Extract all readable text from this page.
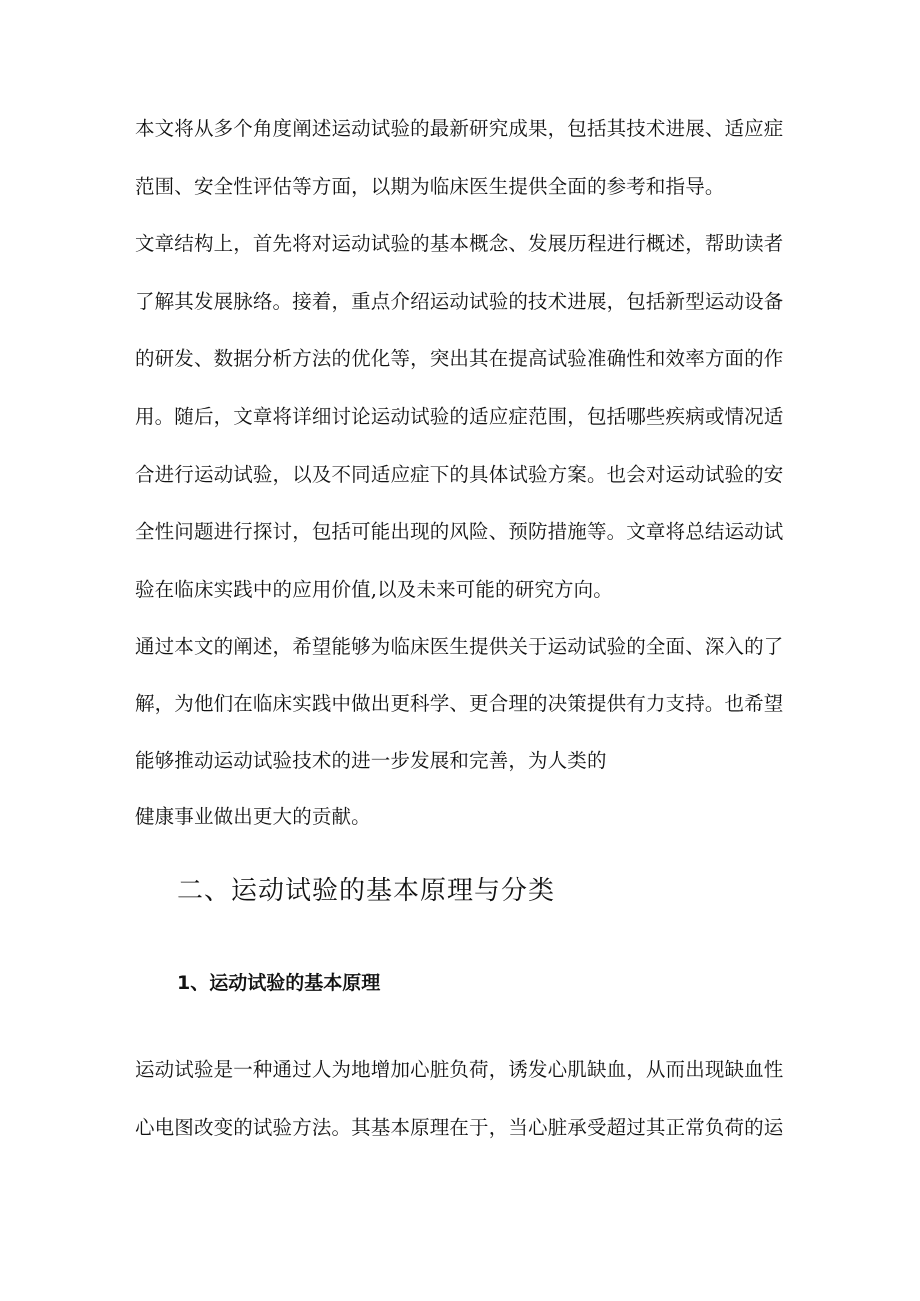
本文将从多个角度阐述运动试验的最新研究成果，包括其技术进展、适应症
范围、安全性评估等方面，以期为临床医生提供全面的参考和指导。
文章结构上，首先将对运动试验的基本概念、发展历程进行概述，帮助读者
了解其发展脉络。接着，重点介绍运动试验的技术进展，包括新型运动设备
的研发、数据分析方法的优化等，突出其在提高试验准确性和效率方面的作
用。随后，文章将详细讨论运动试验的适应症范围，包括哪些疾病或情况适
合进行运动试验，以及不同适应症下的具体试验方案。也会对运动试验的安
全性问题进行探讨，包括可能出现的风险、预防措施等。文章将总结运动试
验在临床实践中的应用价值,以及未来可能的研究方向。
通过本文的阐述，希望能够为临床医生提供关于运动试验的全面、深入的了
解，为他们在临床实践中做出更科学、更合理的决策提供有力支持。也希望
能够推动运动试验技术的进一步发展和完善，为人类的
健康事业做出更大的贡献。
二、运动试验的基本原理与分类
1、运动试验的基本原理
运动试验是一种通过人为地增加心脏负荷，诱发心肌缺血，从而出现缺血性
心电图改变的试验方法。其基本原理在于，当心脏承受超过其正常负荷的运
